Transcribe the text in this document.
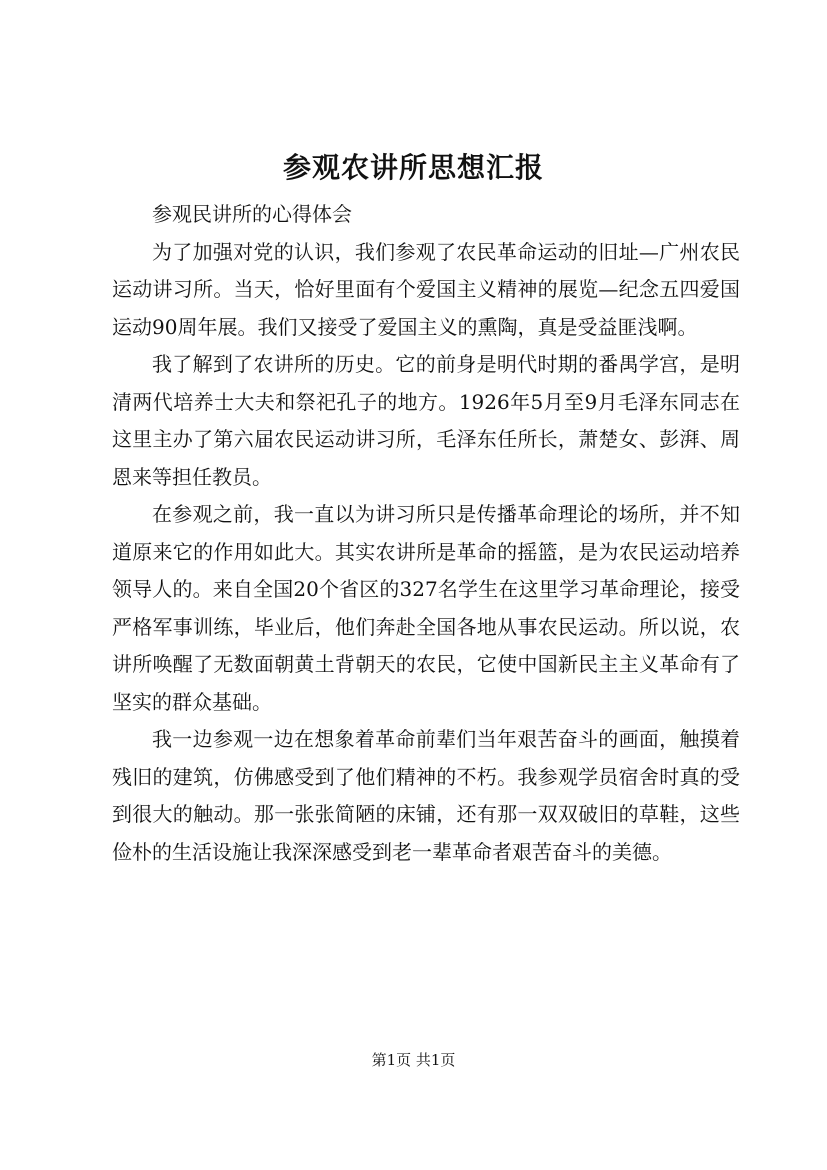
参观农讲所思想汇报

参观民讲所的心得体会

为了加强对党的认识，我们参观了农民革命运动的旧址—广州农民运动讲习所。当天，恰好里面有个爱国主义精神的展览—纪念五四爱国运动90周年展。我们又接受了爱国主义的熏陶，真是受益匪浅啊。

我了解到了农讲所的历史。它的前身是明代时期的番禺学宫，是明清两代培养士大夫和祭祀孔子的地方。1926年5月至9月毛泽东同志在这里主办了第六届农民运动讲习所，毛泽东任所长，萧楚女、彭湃、周恩来等担任教员。

在参观之前，我一直以为讲习所只是传播革命理论的场所，并不知道原来它的作用如此大。其实农讲所是革命的摇篮，是为农民运动培养领导人的。来自全国20个省区的327名学生在这里学习革命理论，接受严格军事训练，毕业后，他们奔赴全国各地从事农民运动。所以说，农讲所唤醒了无数面朝黄土背朝天的农民，它使中国新民主主义革命有了坚实的群众基础。

我一边参观一边在想象着革命前辈们当年艰苦奋斗的画面，触摸着残旧的建筑，仿佛感受到了他们精神的不朽。我参观学员宿舍时真的受到很大的触动。那一张张简陋的床铺，还有那一双双破旧的草鞋，这些俭朴的生活设施让我深深感受到老一辈革命者艰苦奋斗的美德。

第1页 共1页
